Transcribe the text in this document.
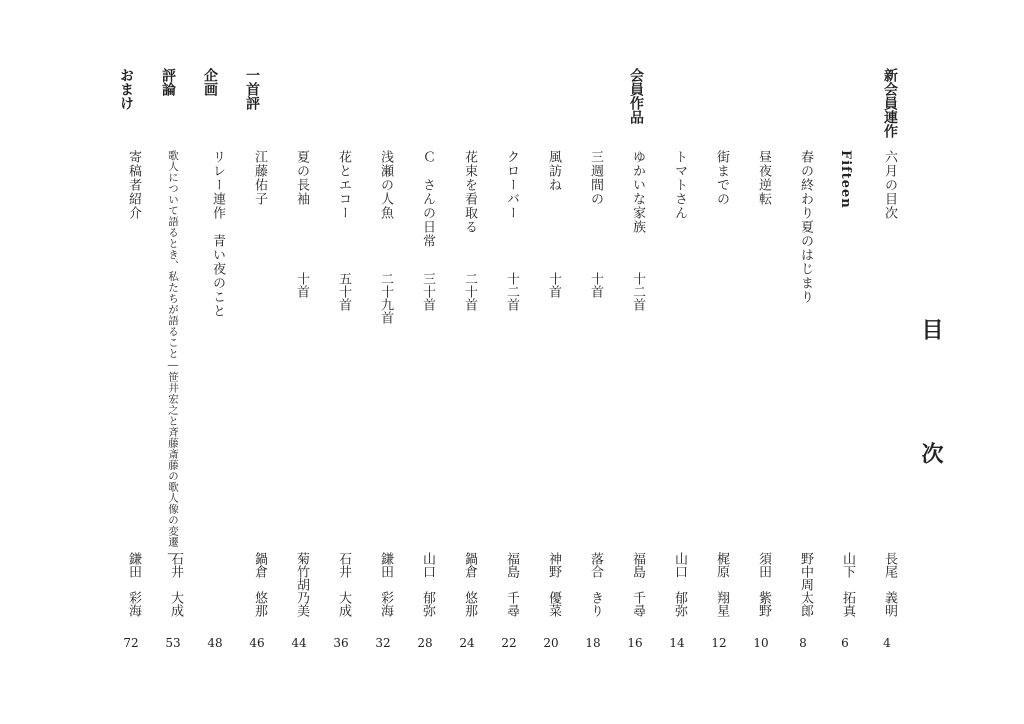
目　次
新会員連作
会員作品
一首評
企画
評論
おまけ
六月の目次
長尾　義明
4
Fifteen
山下　拓真
6
春の終わり夏のはじまり
野中周太郎
8
昼夜逆転
須田　紫野
10
街までの
梶原　翔星
12
トマトさん
山口　郁弥
14
ゆかいな家族
十二首
福島　千尋
16
三週間の
十首
落合　きり
18
風訪ね
十首
神野　優菜
20
クローバー
十二首
福島　千尋
22
花束を看取る
二十首
鍋倉　悠那
24
Ｃ　さんの日常
三十首
山口　郁弥
28
浅瀬の人魚
二十九首
鎌田　彩海
32
花とエコー
五十首
石井　大成
36
夏の長袖
十首
菊竹胡乃美
44
江藤佑子
鍋倉　悠那
46
リレー連作　青い夜のこと
48
歌人について語るとき、私たちが語ること―笹井宏之と斉藤斎藤の歌人像の変遷―
石井　大成
53
寄稿者紹介
鎌田　彩海
72
